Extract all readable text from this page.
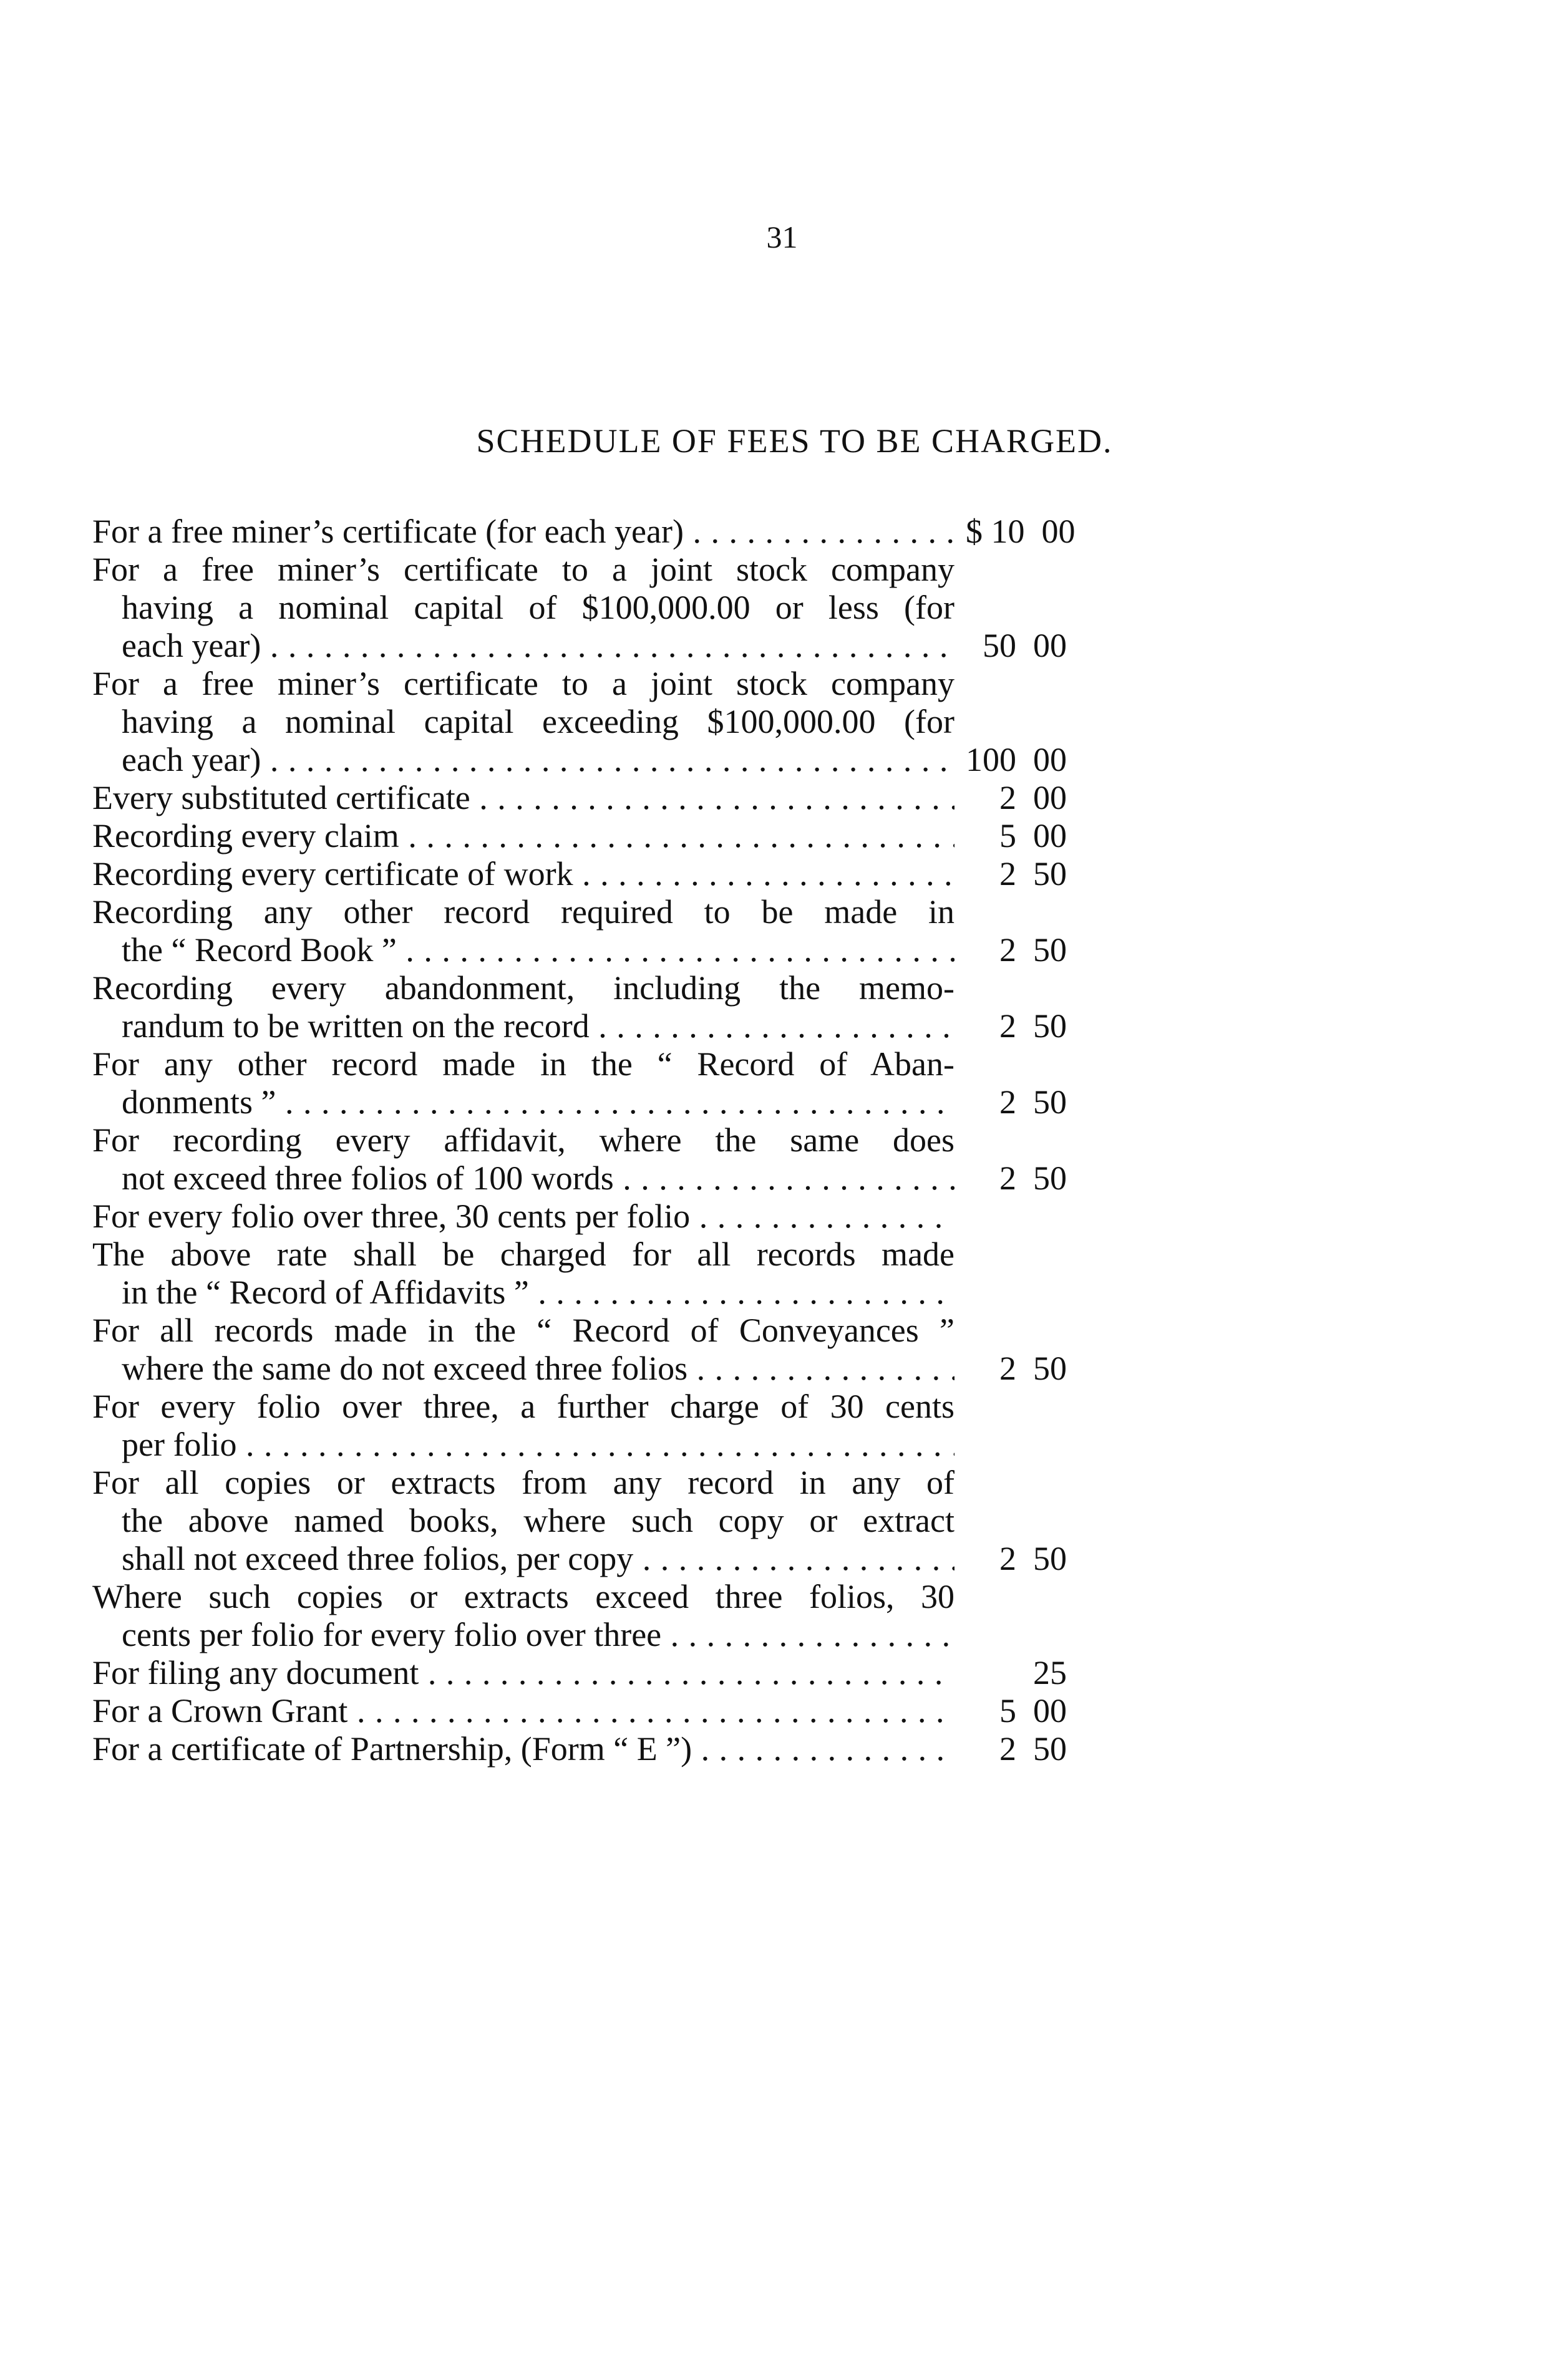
31
SCHEDULE OF FEES TO BE CHARGED.
For a free miner’s certificate (for each year) . . .	$ 10  00
For a free miner’s certificate to a joint stock company
having a nominal capital of $100,000.00 or less (for
each year) . . .	50  00
For a free miner’s certificate to a joint stock company
having a nominal capital exceeding $100,000.00 (for
each year) . . .	100  00
Every substituted certificate . . .	2  00
Recording every claim . . .	5  00
Recording every certificate of work . . .	2  50
Recording any other record required to be made in
the “ Record Book ” . . .	2  50
Recording every abandonment, including the memo-
randum to be written on the record . . .	2  50
For any other record made in the “ Record of Aban-
donments ” . . .	2  50
For recording every affidavit, where the same does
not exceed three folios of 100 words . . .	2  50
For every folio over three, 30 cents per folio . . .
The above rate shall be charged for all records made
in the “ Record of Affidavits ” . . .
For all records made in the “ Record of Conveyances ”
where the same do not exceed three folios . . .	2  50
For every folio over three, a further charge of 30 cents
per folio . . .
For all copies or extracts from any record in any of
the above named books, where such copy or extract
shall not exceed three folios, per copy . . .	2  50
Where such copies or extracts exceed three folios, 30
cents per folio for every folio over three . . .
For filing any document . . .	25
For a Crown Grant . . .	5  00
For a certificate of Partnership, (Form “ E ”) . . .	2  50
